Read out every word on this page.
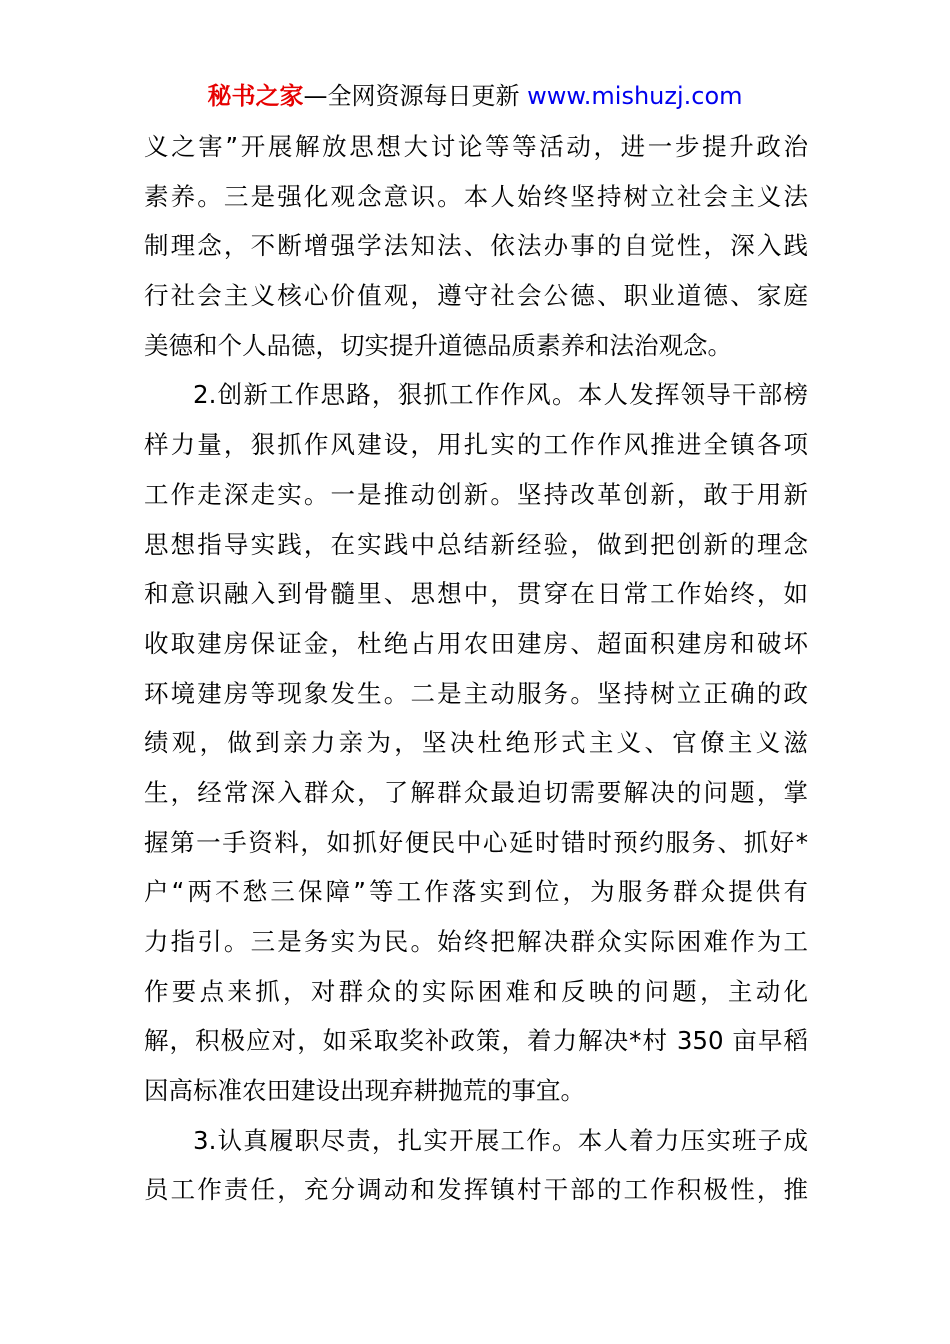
秘书之家—全网资源每日更新 www.mishuzj.com
义之害”开展解放思想大讨论等等活动，进一步提升政治
素养。三是强化观念意识。本人始终坚持树立社会主义法
制理念，不断增强学法知法、依法办事的自觉性，深入践
行社会主义核心价值观，遵守社会公德、职业道德、家庭
美德和个人品德，切实提升道德品质素养和法治观念。
2.创新工作思路，狠抓工作作风。本人发挥领导干部榜
样力量，狠抓作风建设，用扎实的工作作风推进全镇各项
工作走深走实。一是推动创新。坚持改革创新，敢于用新
思想指导实践，在实践中总结新经验，做到把创新的理念
和意识融入到骨髓里、思想中，贯穿在日常工作始终，如
收取建房保证金，杜绝占用农田建房、超面积建房和破坏
环境建房等现象发生。二是主动服务。坚持树立正确的政
绩观，做到亲力亲为，坚决杜绝形式主义、官僚主义滋
生，经常深入群众，了解群众最迫切需要解决的问题，掌
握第一手资料，如抓好便民中心延时错时预约服务、抓好*
户“两不愁三保障”等工作落实到位，为服务群众提供有
力指引。三是务实为民。始终把解决群众实际困难作为工
作要点来抓，对群众的实际困难和反映的问题，主动化
解，积极应对，如采取奖补政策，着力解决*村 350 亩早稻
因高标准农田建设出现弃耕抛荒的事宜。
3.认真履职尽责，扎实开展工作。本人着力压实班子成
员工作责任，充分调动和发挥镇村干部的工作积极性，推
